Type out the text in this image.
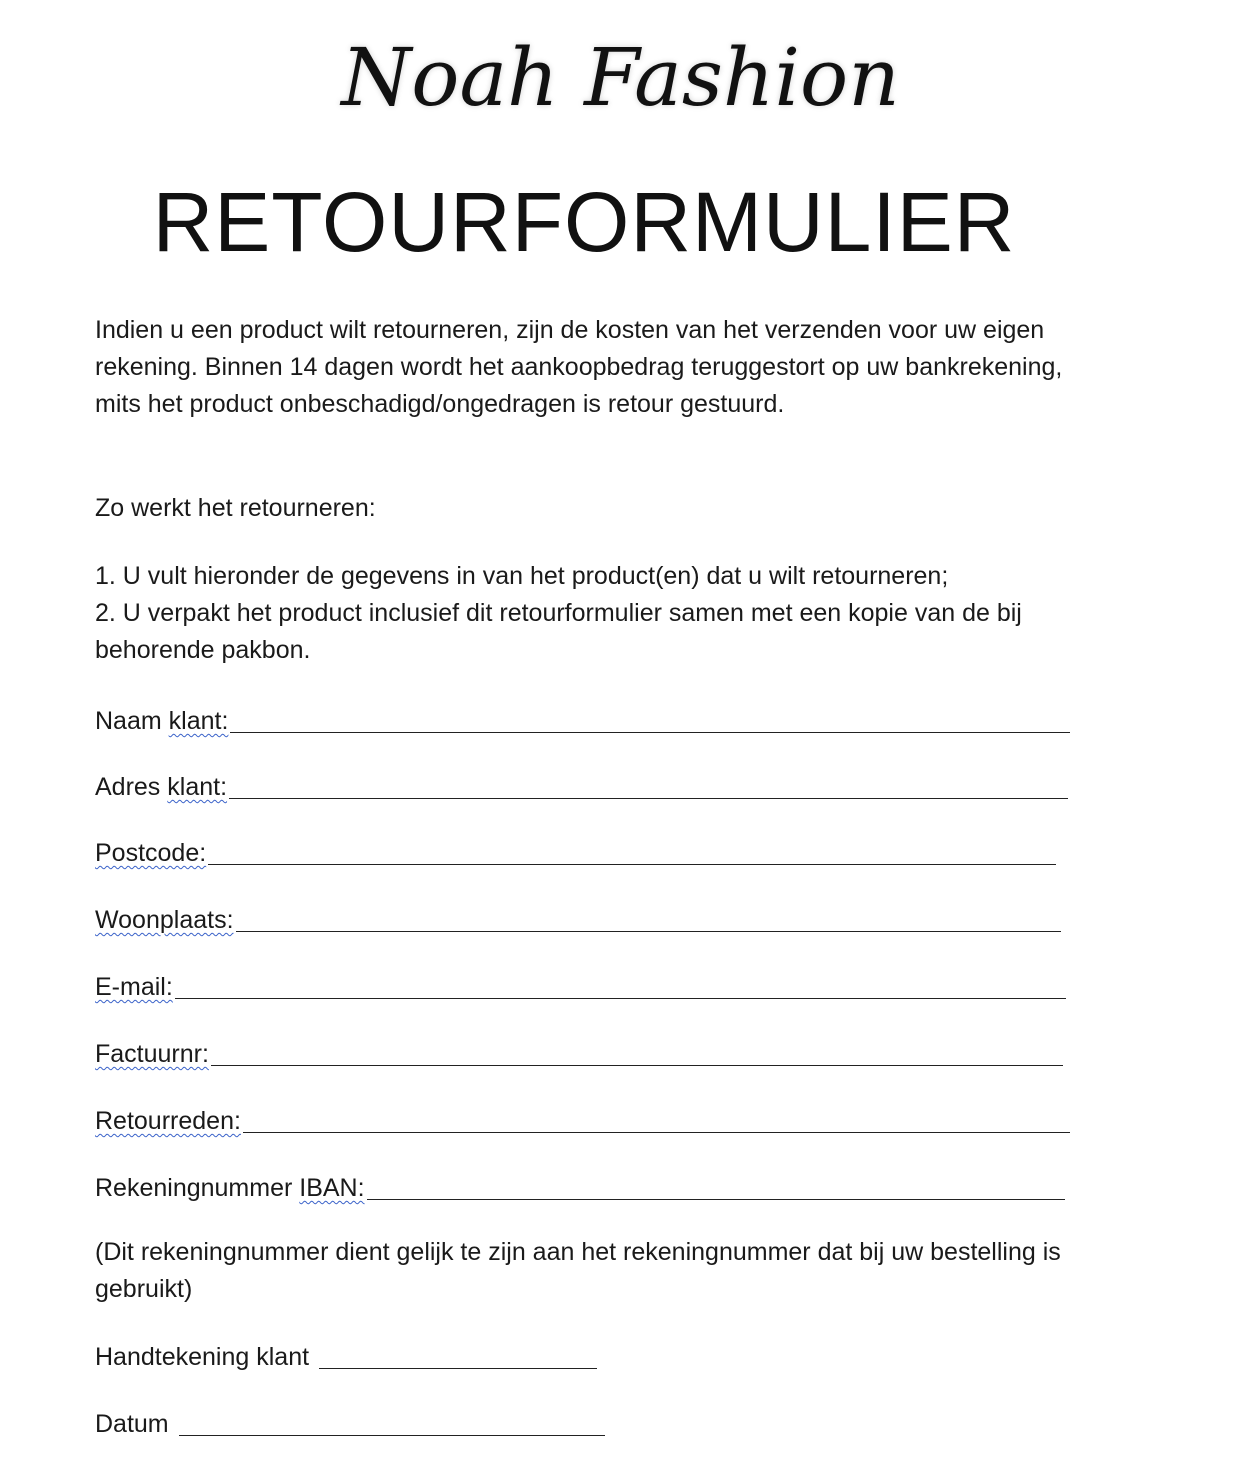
Noah Fashion
RETOURFORMULIER

Indien u een product wilt retourneren, zijn de kosten van het verzenden voor uw eigen rekening. Binnen 14 dagen wordt het aankoopbedrag teruggestort op uw bankrekening, mits het product onbeschadigd/ongedragen is retour gestuurd.

Zo werkt het retourneren:

1. U vult hieronder de gegevens in van het product(en) dat u wilt retourneren;

2. U verpakt het product inclusief dit retourformulier samen met een kopie van de bij behorende pakbon.

Naam klant:
Adres klant:
Postcode:
Woonplaats:
E-mail:
Factuurnr:
Retourreden:
Rekeningnummer IBAN:

(Dit rekeningnummer dient gelijk te zijn aan het rekeningnummer dat bij uw bestelling is gebruikt)

Handtekening klant
Datum
